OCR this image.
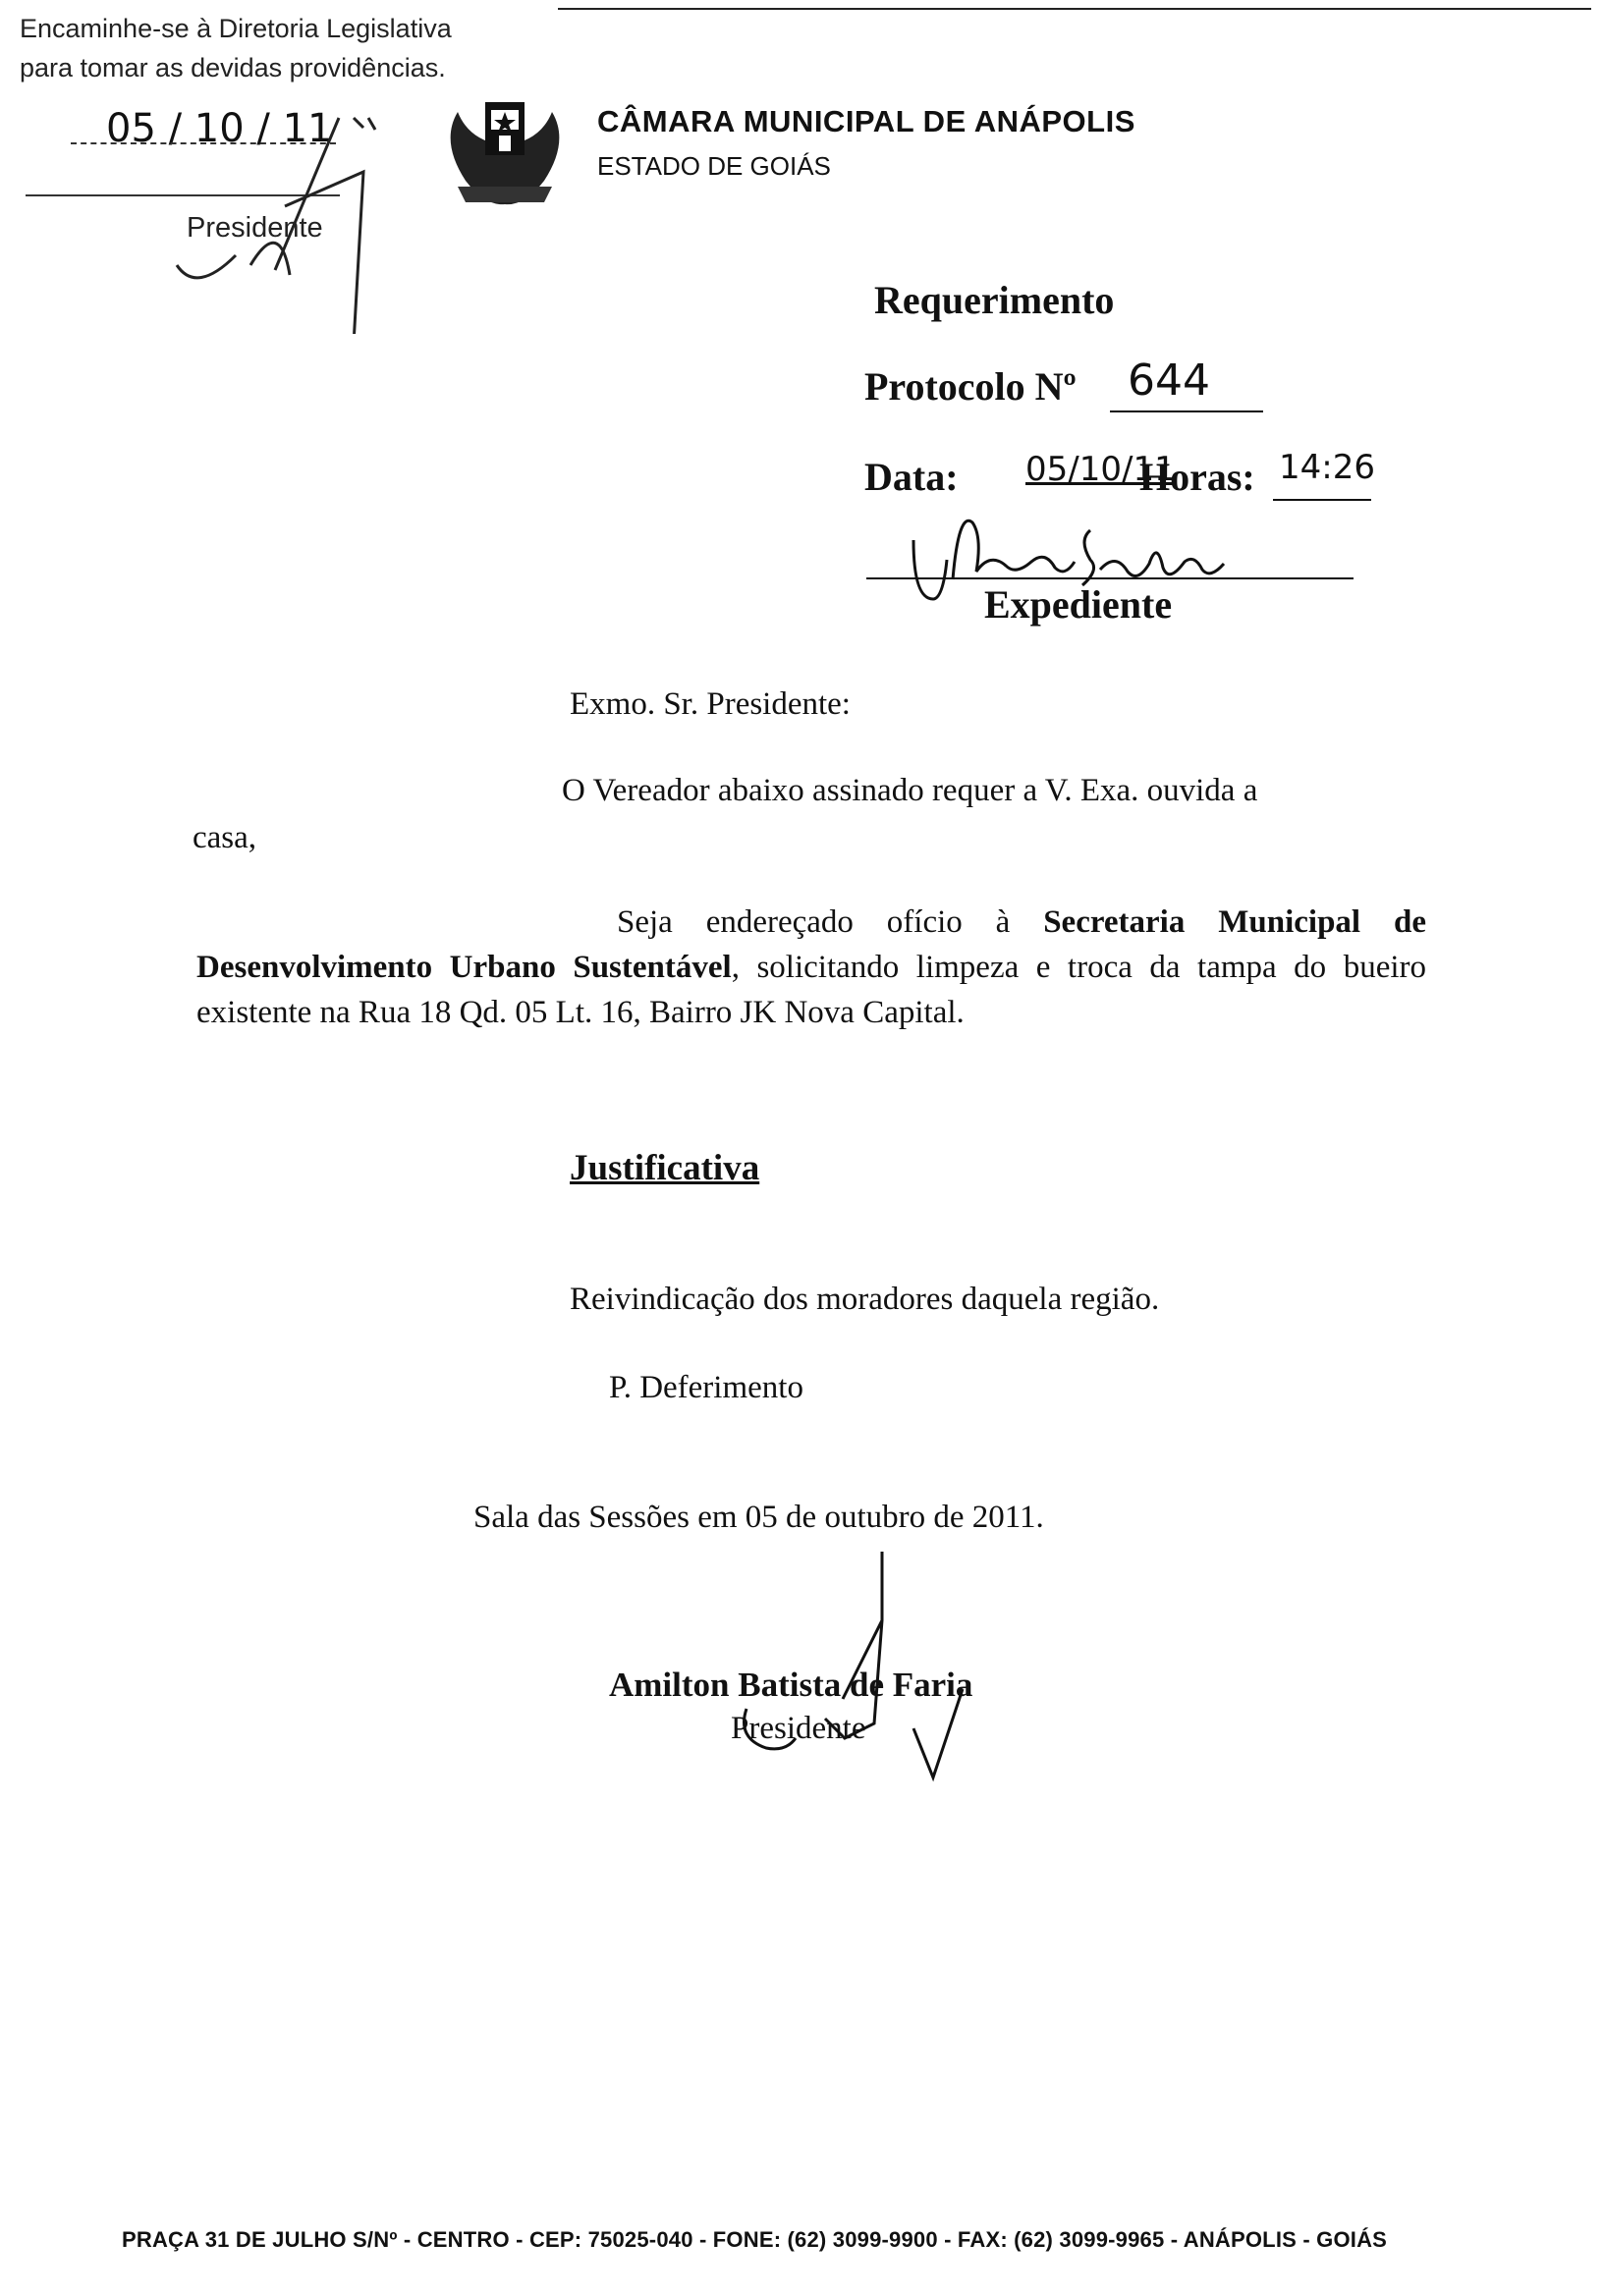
Encaminhe-se à Diretoria Legislativa
para tomar as devidas providências.
05 / 10 / 11
Presidente
CÂMARA MUNICIPAL DE ANÁPOLIS
ESTADO DE GOIÁS
Requerimento
Protocolo Nº 644
Data: 05/10/11
Horas: 14:26
Expediente
Exmo. Sr. Presidente:
O Vereador abaixo assinado requer a V. Exa. ouvida a
casa,
Seja endereçado ofício à Secretaria Municipal de Desenvolvimento Urbano Sustentável, solicitando limpeza e troca da tampa do bueiro existente na Rua 18 Qd. 05 Lt. 16, Bairro JK Nova Capital.
Justificativa
Reivindicação dos moradores daquela região.
P. Deferimento
Sala das Sessões em 05 de outubro de 2011.
Amilton Batista de Faria
Presidente
PRAÇA 31 DE JULHO S/Nº - CENTRO - CEP: 75025-040 - FONE: (62) 3099-9900 - FAX: (62) 3099-9965 - ANÁPOLIS - GOIÁS
